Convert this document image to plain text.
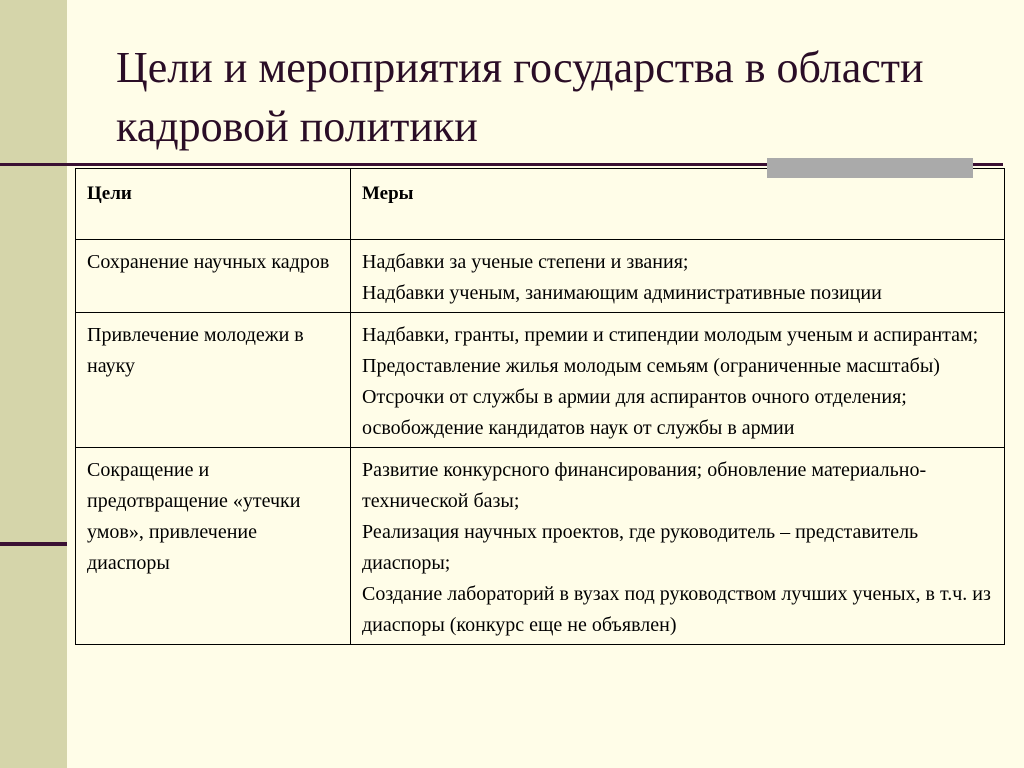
Цели и мероприятия государства в области кадровой политики
Цели	Меры
Сохранение научных кадров	Надбавки за ученые степени и звания;
Надбавки ученым, занимающим административные позиции

Привлечение молодежи в науку	Надбавки, гранты, премии и стипендии молодым ученым и аспирантам;
Предоставление жилья молодым семьям (ограниченные масштабы)
Отсрочки от службы в армии для аспирантов очного отделения; освобождение кандидатов наук от службы в армии

Сокращение и предотвращение «утечки умов», привлечение диаспоры	Развитие конкурсного финансирования; обновление материально-технической базы;
Реализация научных проектов, где руководитель – представитель диаспоры;
Создание лабораторий в вузах под руководством лучших ученых, в т.ч. из диаспоры (конкурс еще не объявлен)
